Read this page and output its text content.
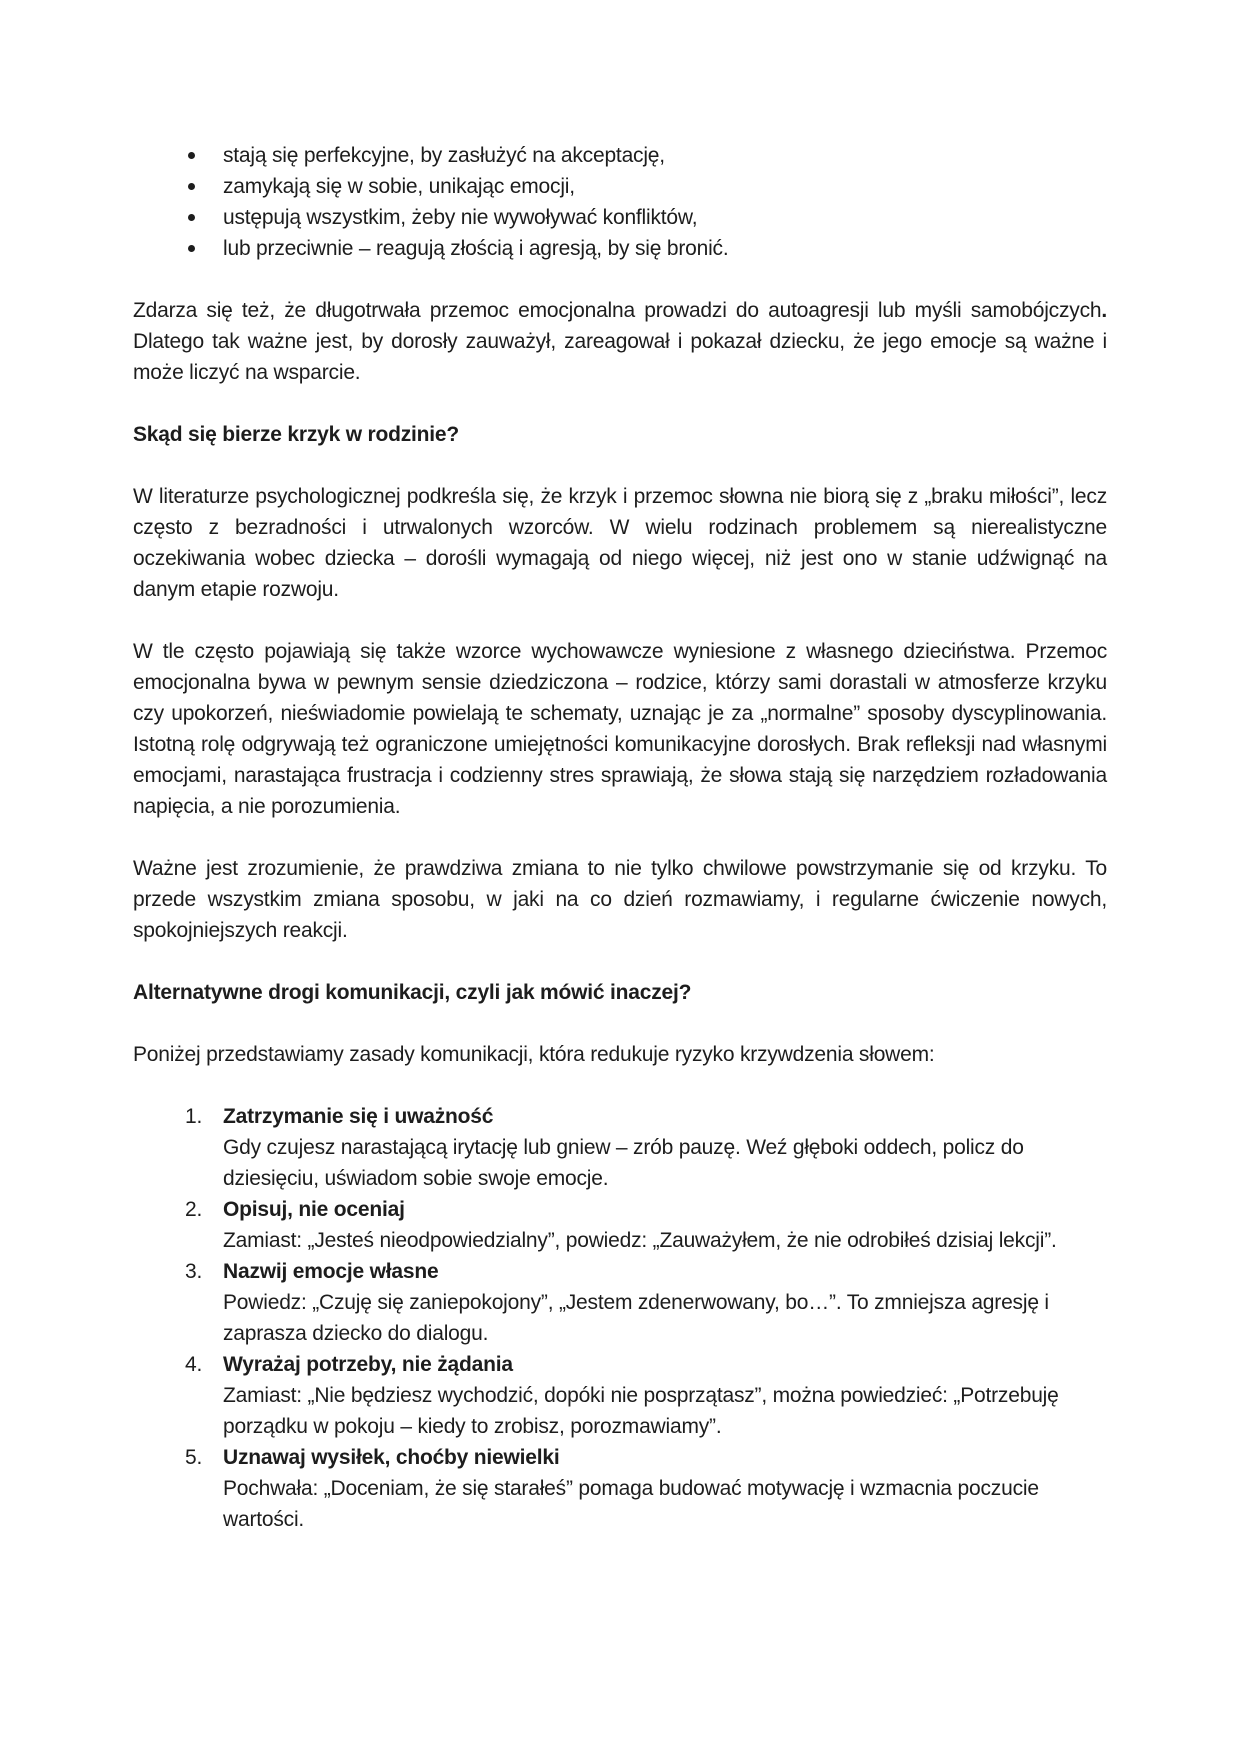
stają się perfekcyjne, by zasłużyć na akceptację,
zamykają się w sobie, unikając emocji,
ustępują wszystkim, żeby nie wywoływać konfliktów,
lub przeciwnie – reagują złością i agresją, by się bronić.

Zdarza się też, że długotrwała przemoc emocjonalna prowadzi do autoagresji lub myśli samobójczych. Dlatego tak ważne jest, by dorosły zauważył, zareagował i pokazał dziecku, że jego emocje są ważne i może liczyć na wsparcie.

Skąd się bierze krzyk w rodzinie?

W literaturze psychologicznej podkreśla się, że krzyk i przemoc słowna nie biorą się z „braku miłości”, lecz często z bezradności i utrwalonych wzorców. W wielu rodzinach problemem są nierealistyczne oczekiwania wobec dziecka – dorośli wymagają od niego więcej, niż jest ono w stanie udźwignąć na danym etapie rozwoju.

W tle często pojawiają się także wzorce wychowawcze wyniesione z własnego dzieciństwa. Przemoc emocjonalna bywa w pewnym sensie dziedziczona – rodzice, którzy sami dorastali w atmosferze krzyku czy upokorzeń, nieświadomie powielają te schematy, uznając je za „normalne” sposoby dyscyplinowania. Istotną rolę odgrywają też ograniczone umiejętności komunikacyjne dorosłych. Brak refleksji nad własnymi emocjami, narastająca frustracja i codzienny stres sprawiają, że słowa stają się narzędziem rozładowania napięcia, a nie porozumienia.

Ważne jest zrozumienie, że prawdziwa zmiana to nie tylko chwilowe powstrzymanie się od krzyku. To przede wszystkim zmiana sposobu, w jaki na co dzień rozmawiamy, i regularne ćwiczenie nowych, spokojniejszych reakcji.

Alternatywne drogi komunikacji, czyli jak mówić inaczej?

Poniżej przedstawiamy zasady komunikacji, która redukuje ryzyko krzywdzenia słowem:

1. Zatrzymanie się i uważność
Gdy czujesz narastającą irytację lub gniew – zrób pauzę. Weź głęboki oddech, policz do dziesięciu, uświadom sobie swoje emocje.
2. Opisuj, nie oceniaj
Zamiast: „Jesteś nieodpowiedzialny”, powiedz: „Zauważyłem, że nie odrobiłeś dzisiaj lekcji”.
3. Nazwij emocje własne
Powiedz: „Czuję się zaniepokojony”, „Jestem zdenerwowany, bo…”. To zmniejsza agresję i zaprasza dziecko do dialogu.
4. Wyrażaj potrzeby, nie żądania
Zamiast: „Nie będziesz wychodzić, dopóki nie posprzątasz”, można powiedzieć: „Potrzebuję porządku w pokoju – kiedy to zrobisz, porozmawiamy”.
5. Uznawaj wysiłek, choćby niewielki
Pochwała: „Doceniam, że się starałeś” pomaga budować motywację i wzmacnia poczucie wartości.
